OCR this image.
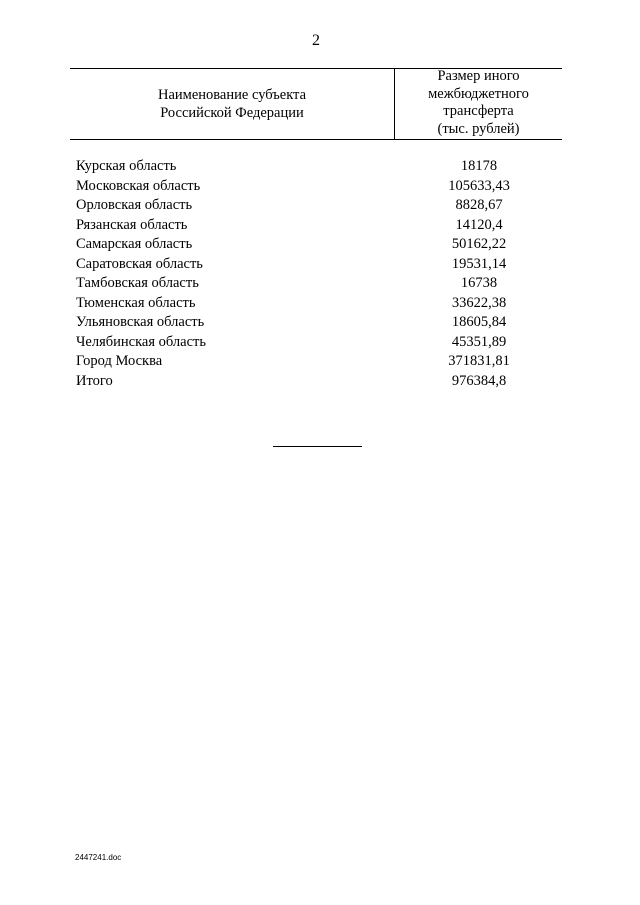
2
Наименование субъекта
Российской Федерации
Размер иного
межбюджетного
трансферта
(тыс. рублей)
Курская область	18178
Московская область	105633,43
Орловская область	8828,67
Рязанская область	14120,4
Самарская область	50162,22
Саратовская область	19531,14
Тамбовская область	16738
Тюменская область	33622,38
Ульяновская область	18605,84
Челябинская область	45351,89
Город Москва	371831,81
Итого	976384,8
2447241.doc
